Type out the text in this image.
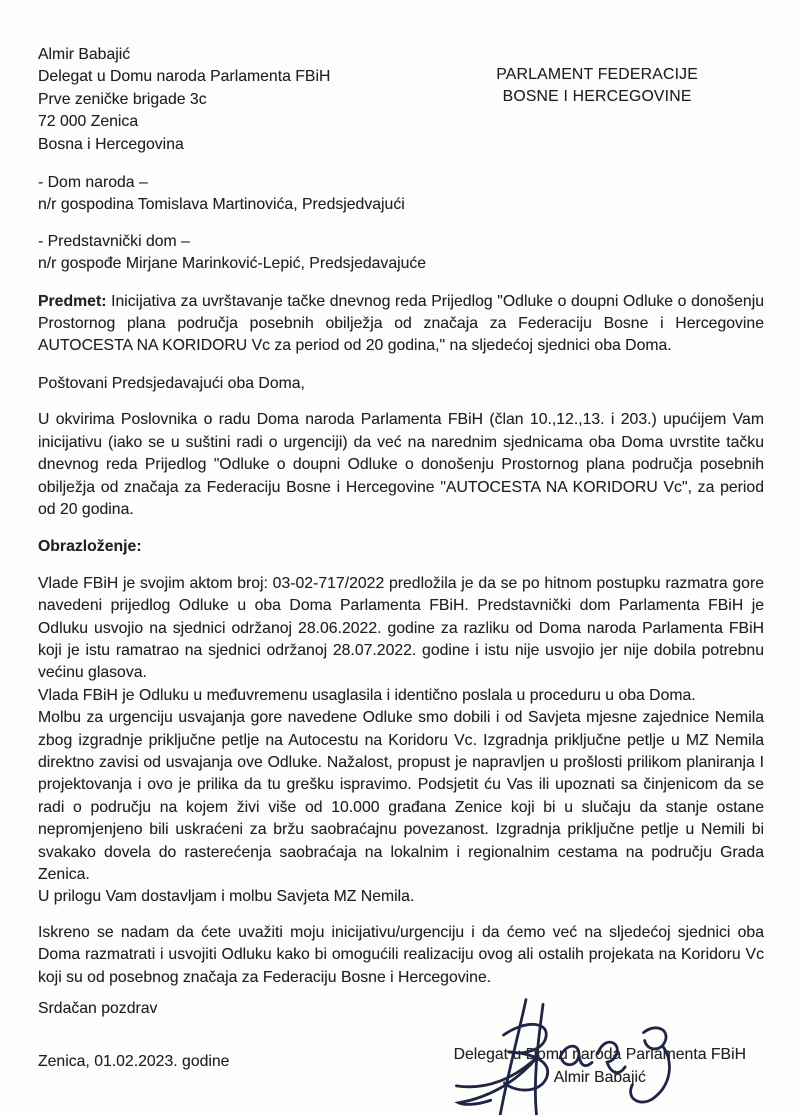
Almir Babajić
Delegat u Domu naroda Parlamenta FBiH
Prve zeničke brigade 3c
72 000 Zenica
Bosna i Hercegovina
PARLAMENT FEDERACIJE
BOSNE I HERCEGOVINE
- Dom naroda –
n/r gospodina Tomislava Martinovića, Predsjedvajući
- Predstavnički dom –
n/r gospođe Mirjane Marinković-Lepić, Predsjedavajuće
Predmet: Inicijativa za uvrštavanje tačke dnevnog reda Prijedlog "Odluke o doupni Odluke o donošenju Prostornog plana područja posebnih obilježja od značaja za Federaciju Bosne i Hercegovine AUTOCESTA NA KORIDORU Vc za period od 20 godina," na sljedećoj sjednici oba Doma.
Poštovani Predsjedavajući oba Doma,
U okvirima Poslovnika o radu Doma naroda Parlamenta FBiH (član 10.,12.,13. i 203.) upućijem Vam inicijativu (iako se u suštini radi o urgenciji) da već na narednim sjednicama oba Doma uvrstite tačku dnevnog reda Prijedlog "Odluke o doupni Odluke o donošenju Prostornog plana područja posebnih obilježja od značaja za Federaciju Bosne i Hercegovine "AUTOCESTA NA KORIDORU Vc", za period od 20 godina.
Obrazloženje:
Vlade FBiH je svojim aktom broj: 03-02-717/2022 predložila je da se po hitnom postupku razmatra gore navedeni prijedlog Odluke u oba Doma Parlamenta FBiH. Predstavnički dom Parlamenta FBiH je Odluku usvojio na sjednici održanoj 28.06.2022. godine za razliku od Doma naroda Parlamenta FBiH koji je istu ramatrao na sjednici održanoj 28.07.2022. godine i istu nije usvojio jer nije dobila potrebnu većinu glasova.
Vlada FBiH je Odluku u međuvremenu usaglasila i identično poslala u proceduru u oba Doma.
Molbu za urgenciju usvajanja gore navedene Odluke smo dobili i od Savjeta mjesne zajednice Nemila zbog izgradnje priključne petlje na Autocestu na Koridoru Vc. Izgradnja priključne petlje u MZ Nemila direktno zavisi od usvajanja ove Odluke. Nažalost, propust je napravljen u prošlosti prilikom planiranja I projektovanja i ovo je prilika da tu grešku ispravimo. Podsjetit ću Vas ili upoznati sa činjenicom da se radi o području na kojem živi više od 10.000 građana Zenice koji bi u slučaju da stanje ostane nepromjenjeno bili uskraćeni za bržu saobraćajnu povezanost. Izgradnja priključne petlje u Nemili bi svakako dovela do rasterećenja saobraćaja na lokalnim i regionalnim cestama na području Grada Zenica.
U prilogu Vam dostavljam i molbu Savjeta MZ Nemila.
Iskreno se nadam da ćete uvažiti moju inicijativu/urgenciju i da ćemo već na sljedećoj sjednici oba Doma razmatrati i usvojiti Odluku kako bi omogućili realizaciju ovog ali ostalih projekata na Koridoru Vc koji su od posebnog značaja za Federaciju Bosne i Hercegovine.
Srdačan pozdrav
Zenica, 01.02.2023. godine	Delegat u Domu naroda Parlamenta FBiH
Almir Babajić
